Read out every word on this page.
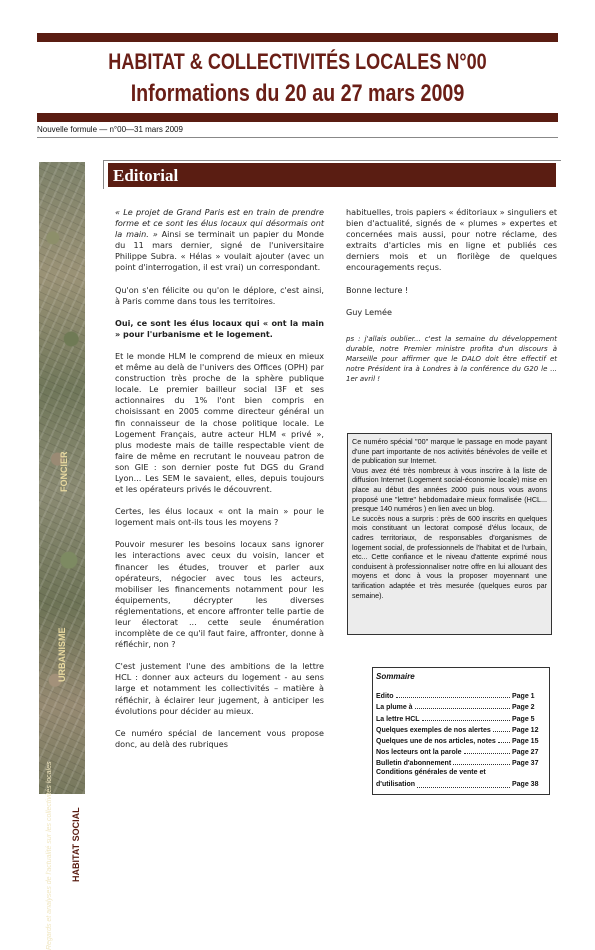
HABITAT & COLLECTIVITÉS LOCALES N°00
Informations du 20 au 27 mars 2009
Nouvelle formule — n°00—31 mars 2009
FONCIER
URBANISME
HABITAT SOCIAL
Regards et analyses de l'actualité sur les collectivités locales
Editorial

« Le projet de Grand Paris est en train de prendre forme et ce sont les élus locaux qui désormais ont la main. » Ainsi se terminait un papier du Monde du 11 mars dernier, signé de l'universitaire Philippe Subra. « Hélas » voulait ajouter (avec un point d'interrogation, il est vrai) un correspondant.

Qu'on s'en félicite ou qu'on le déplore, c'est ainsi, à Paris comme dans tous les territoires.

Oui, ce sont les élus locaux qui « ont la main » pour l'urbanisme et le logement.

Et le monde HLM le comprend de mieux en mieux et même au delà de l'univers des Offices (OPH) par construction très proche de la sphère publique locale. Le premier bailleur social I3F et ses actionnaires du 1% l'ont bien compris en choisissant en 2005 comme directeur général un fin connaisseur de la chose politique locale. Le Logement Français, autre acteur HLM « privé », plus modeste mais de taille respectable vient de faire de même en recrutant le nouveau patron de son GIE : son dernier poste fut DGS du Grand Lyon... Les SEM le savaient, elles, depuis toujours et les opérateurs privés le découvrent.

Certes, les élus locaux « ont la main » pour le logement mais ont-ils tous les moyens ?

Pouvoir mesurer les besoins locaux sans ignorer les interactions avec ceux du voisin, lancer et financer les études, trouver et parler aux opérateurs, négocier avec tous les acteurs, mobiliser les financements notamment pour les équipements, décrypter les diverses réglementations, et encore affronter telle partie de leur électorat ... cette seule énumération incomplète de ce qu'il faut faire, affronter, donne à réfléchir, non ?

C'est justement l'une des ambitions de la lettre HCL : donner aux acteurs du logement - au sens large et notamment les collectivités – matière à réfléchir, à éclairer leur jugement, à anticiper les évolutions pour décider au mieux.

Ce numéro spécial de lancement vous propose donc, au delà des rubriques

habituelles, trois papiers « éditoriaux » singuliers et bien d'actualité, signés de « plumes » expertes et concernées mais aussi, pour notre réclame, des extraits d'articles mis en ligne et publiés ces derniers mois et un florilège de quelques encouragements reçus.

Bonne lecture !

Guy Lemée

ps : j'allais oublier... c'est la semaine du développement durable, notre Premier ministre profita d'un discours à Marseille pour affirmer que le DALO doit être effectif et notre Président ira à Londres à la conférence du G20 le ... 1er avril !

Ce numéro spécial "00" marque le passage en mode payant d'une part importante de nos activités bénévoles de veille et de publication sur Internet.

Vous avez été très nombreux à vous inscrire à la liste de diffusion Internet (Logement social-économie locale) mise en place au début des années 2000 puis nous vous avons proposé une "lettre" hebdomadaire mieux formalisée (HCL... presque 140 numéros ) en lien avec un blog.

Le succès nous a surpris : près de 600 inscrits en quelques mois constituant un lectorat composé d'élus locaux, de cadres territoriaux, de responsables d'organismes de logement social, de professionnels de l'habitat et de l'urbain, etc... Cette confiance et le niveau d'attente exprimé nous conduisent à professionnaliser notre offre en lui allouant des moyens et donc à vous la proposer moyennant une tarification adaptée et très mesurée (quelques euros par semaine).

Sommaire
Edito	Page 1
La plume à	Page 2
La lettre HCL	Page 5
Quelques exemples de nos alertes	Page 12
Quelques une de nos articles, notes Page 15
Nos lecteurs ont la parole	Page 27
Bulletin d'abonnement	Page 37
Conditions générales de vente et
d'utilisation	Page 38
